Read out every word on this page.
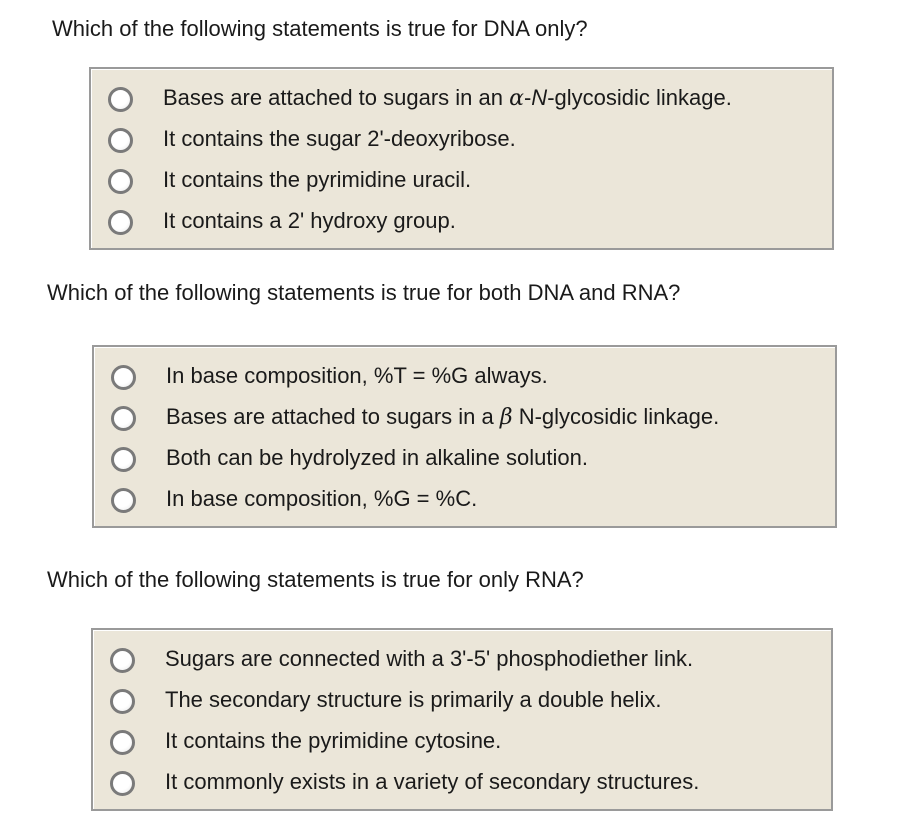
Which of the following statements is true for DNA only?
Bases are attached to sugars in an α-N-glycosidic linkage.
It contains the sugar 2'-deoxyribose.
It contains the pyrimidine uracil.
It contains a 2' hydroxy group.
Which of the following statements is true for both DNA and RNA?
In base composition, %T = %G always.
Bases are attached to sugars in a β N-glycosidic linkage.
Both can be hydrolyzed in alkaline solution.
In base composition, %G = %C.
Which of the following statements is true for only RNA?
Sugars are connected with a 3'-5' phosphodiether link.
The secondary structure is primarily a double helix.
It contains the pyrimidine cytosine.
It commonly exists in a variety of secondary structures.
